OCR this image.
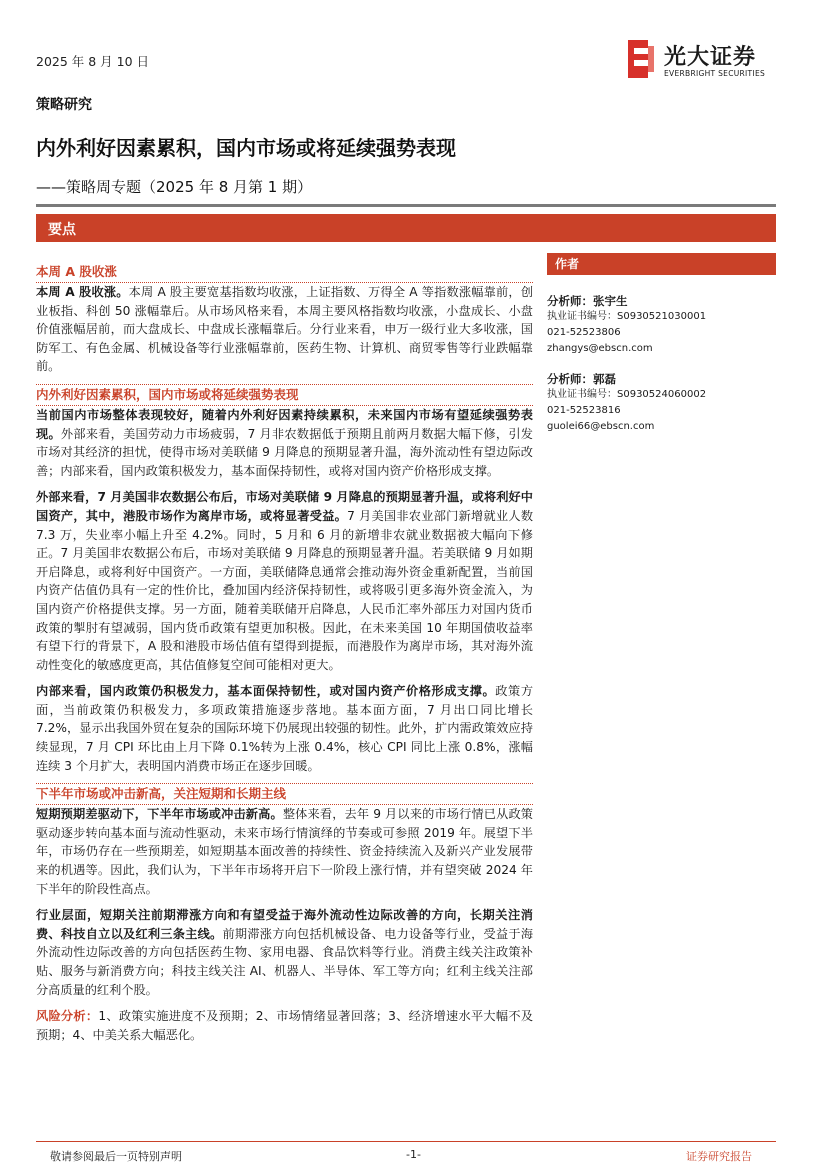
2025 年 8 月 10 日	光大证券
EVERBRIGHT SECURITIES
策略研究
内外利好因素累积，国内市场或将延续强势表现
——策略周专题（2025 年 8 月第 1 期）
要点
本周 A 股收涨

本周 A 股收涨。本周 A 股主要宽基指数均收涨，上证指数、万得全 A 等指数涨幅靠前，创业板指、科创 50 涨幅靠后。从市场风格来看，本周主要风格指数均收涨，小盘成长、小盘价值涨幅居前，而大盘成长、中盘成长涨幅靠后。分行业来看，申万一级行业大多收涨，国防军工、有色金属、机械设备等行业涨幅靠前，医药生物、计算机、商贸零售等行业跌幅靠前。

内外利好因素累积，国内市场或将延续强势表现

当前国内市场整体表现较好，随着内外利好因素持续累积，未来国内市场有望延续强势表现。外部来看，美国劳动力市场疲弱，7 月非农数据低于预期且前两月数据大幅下修，引发市场对其经济的担忧，使得市场对美联储 9 月降息的预期显著升温，海外流动性有望边际改善；内部来看，国内政策积极发力，基本面保持韧性，或将对国内资产价格形成支撑。

外部来看，7 月美国非农数据公布后，市场对美联储 9 月降息的预期显著升温，或将利好中国资产，其中，港股市场作为离岸市场，或将显著受益。7 月美国非农业部门新增就业人数 7.3 万，失业率小幅上升至 4.2%。同时，5 月和 6 月的新增非农就业数据被大幅向下修正。7 月美国非农数据公布后，市场对美联储 9 月降息的预期显著升温。若美联储 9 月如期开启降息，或将利好中国资产。一方面，美联储降息通常会推动海外资金重新配置，当前国内资产估值仍具有一定的性价比，叠加国内经济保持韧性，或将吸引更多海外资金流入，为国内资产价格提供支撑。另一方面，随着美联储开启降息，人民币汇率外部压力对国内货币政策的掣肘有望减弱，国内货币政策有望更加积极。因此，在未来美国 10 年期国债收益率有望下行的背景下，A 股和港股市场估值有望得到提振，而港股作为离岸市场，其对海外流动性变化的敏感度更高，其估值修复空间可能相对更大。

内部来看，国内政策仍积极发力，基本面保持韧性，或对国内资产价格形成支撑。政策方面，当前政策仍积极发力，多项政策措施逐步落地。基本面方面，7 月出口同比增长 7.2%，显示出我国外贸在复杂的国际环境下仍展现出较强的韧性。此外，扩内需政策效应持续显现，7 月 CPI 环比由上月下降 0.1%转为上涨 0.4%，核心 CPI 同比上涨 0.8%，涨幅连续 3 个月扩大，表明国内消费市场正在逐步回暖。

下半年市场或冲击新高，关注短期和长期主线

短期预期差驱动下，下半年市场或冲击新高。整体来看，去年 9 月以来的市场行情已从政策驱动逐步转向基本面与流动性驱动，未来市场行情演绎的节奏或可参照 2019 年。展望下半年，市场仍存在一些预期差，如短期基本面改善的持续性、资金持续流入及新兴产业发展带来的机遇等。因此，我们认为，下半年市场将开启下一阶段上涨行情，并有望突破 2024 年下半年的阶段性高点。

行业层面，短期关注前期滞涨方向和有望受益于海外流动性边际改善的方向，长期关注消费、科技自立以及红利三条主线。前期滞涨方向包括机械设备、电力设备等行业，受益于海外流动性边际改善的方向包括医药生物、家用电器、食品饮料等行业。消费主线关注政策补贴、服务与新消费方向；科技主线关注 AI、机器人、半导体、军工等方向；红利主线关注部分高质量的红利个股。

风险分析：1、政策实施进度不及预期；2、市场情绪显著回落；3、经济增速水平大幅不及预期；4、中美关系大幅恶化。

作者
分析师：张宇生
执业证书编号：S0930521030001
021-52523806
zhangys@ebscn.com
分析师：郭磊
执业证书编号：S0930524060002
021-52523816
guolei66@ebscn.com
敬请参阅最后一页特别声明	-1-	证券研究报告
